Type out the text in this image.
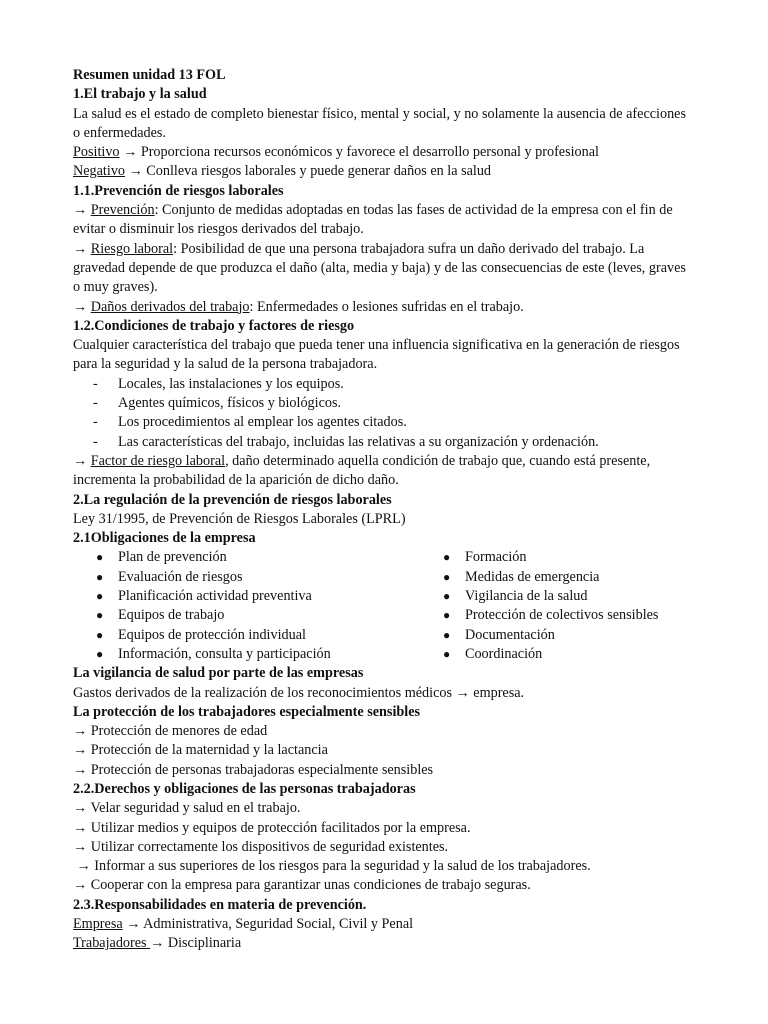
Resumen unidad 13 FOL
1.El trabajo y la salud
La salud es el estado de completo bienestar físico, mental y social, y no solamente la ausencia de afecciones o enfermedades.
Positivo → Proporciona recursos económicos y favorece el desarrollo personal y profesional
Negativo → Conlleva riesgos laborales y puede generar daños en la salud
1.1.Prevención de riesgos laborales
→ Prevención: Conjunto de medidas adoptadas en todas las fases de actividad de la empresa con el fin de evitar o disminuir los riesgos derivados del trabajo.
→ Riesgo laboral: Posibilidad de que una persona trabajadora sufra un daño derivado del trabajo. La gravedad depende de que produzca el daño (alta, media y baja) y de las consecuencias de este (leves, graves o muy graves).
→ Daños derivados del trabajo: Enfermedades o lesiones sufridas en el trabajo.
1.2.Condiciones de trabajo y factores de riesgo
Cualquier característica del trabajo que pueda tener una influencia significativa en la generación de riesgos para la seguridad y la salud de la persona trabajadora.
- Locales, las instalaciones y los equipos.
- Agentes químicos, físicos y biológicos.
- Los procedimientos al emplear los agentes citados.
- Las características del trabajo, incluidas las relativas a su organización y ordenación.
→ Factor de riesgo laboral, daño determinado aquella condición de trabajo que, cuando está presente, incrementa la probabilidad de la aparición de dicho daño.
2.La regulación de la prevención de riesgos laborales
Ley 31/1995, de Prevención de Riesgos Laborales (LPRL)
2.1Obligaciones de la empresa
● Plan de prevención
● Evaluación de riesgos
● Planificación actividad preventiva
● Equipos de trabajo
● Equipos de protección individual
● Información, consulta y participación
● Formación
● Medidas de emergencia
● Vigilancia de la salud
● Protección de colectivos sensibles
● Documentación
● Coordinación
La vigilancia de salud por parte de las empresas
Gastos derivados de la realización de los reconocimientos médicos → empresa.
La protección de los trabajadores especialmente sensibles
→ Protección de menores de edad
→ Protección de la maternidad y la lactancia
→ Protección de personas trabajadoras especialmente sensibles
2.2.Derechos y obligaciones de las personas trabajadoras
→ Velar seguridad y salud en el trabajo.
→ Utilizar medios y equipos de protección facilitados por la empresa.
→ Utilizar correctamente los dispositivos de seguridad existentes.
→ Informar a sus superiores de los riesgos para la seguridad y la salud de los trabajadores.
→ Cooperar con la empresa para garantizar unas condiciones de trabajo seguras.
2.3.Responsabilidades en materia de prevención.
Empresa → Administrativa, Seguridad Social, Civil y Penal
Trabajadores → Disciplinaria
